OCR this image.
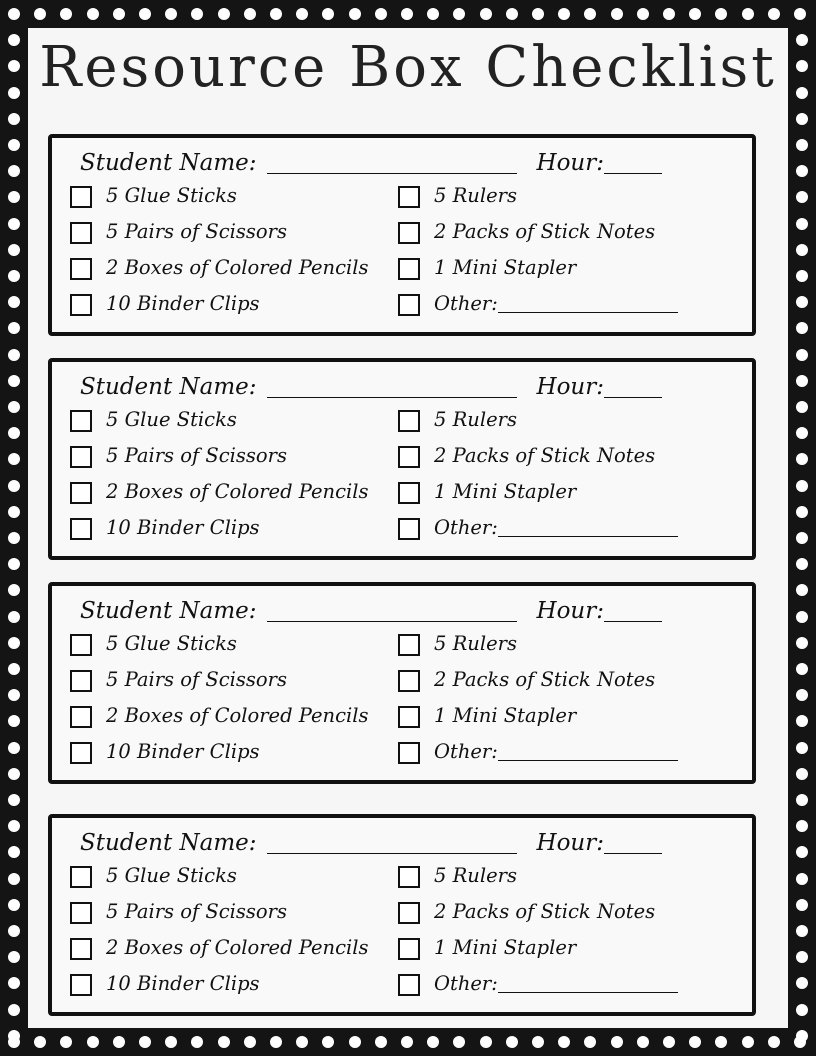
Resource Box Checklist
Student Name:	Hour:
5 Glue Sticks
5 Pairs of Scissors
2 Boxes of Colored Pencils
10 Binder Clips
5 Rulers
2 Packs of Stick Notes
1 Mini Stapler
Other:
Student Name:	Hour:
5 Glue Sticks
5 Pairs of Scissors
2 Boxes of Colored Pencils
10 Binder Clips
5 Rulers
2 Packs of Stick Notes
1 Mini Stapler
Other:
Student Name:	Hour:
5 Glue Sticks
5 Pairs of Scissors
2 Boxes of Colored Pencils
10 Binder Clips
5 Rulers
2 Packs of Stick Notes
1 Mini Stapler
Other:
Student Name:	Hour:
5 Glue Sticks
5 Pairs of Scissors
2 Boxes of Colored Pencils
10 Binder Clips
5 Rulers
2 Packs of Stick Notes
1 Mini Stapler
Other:
